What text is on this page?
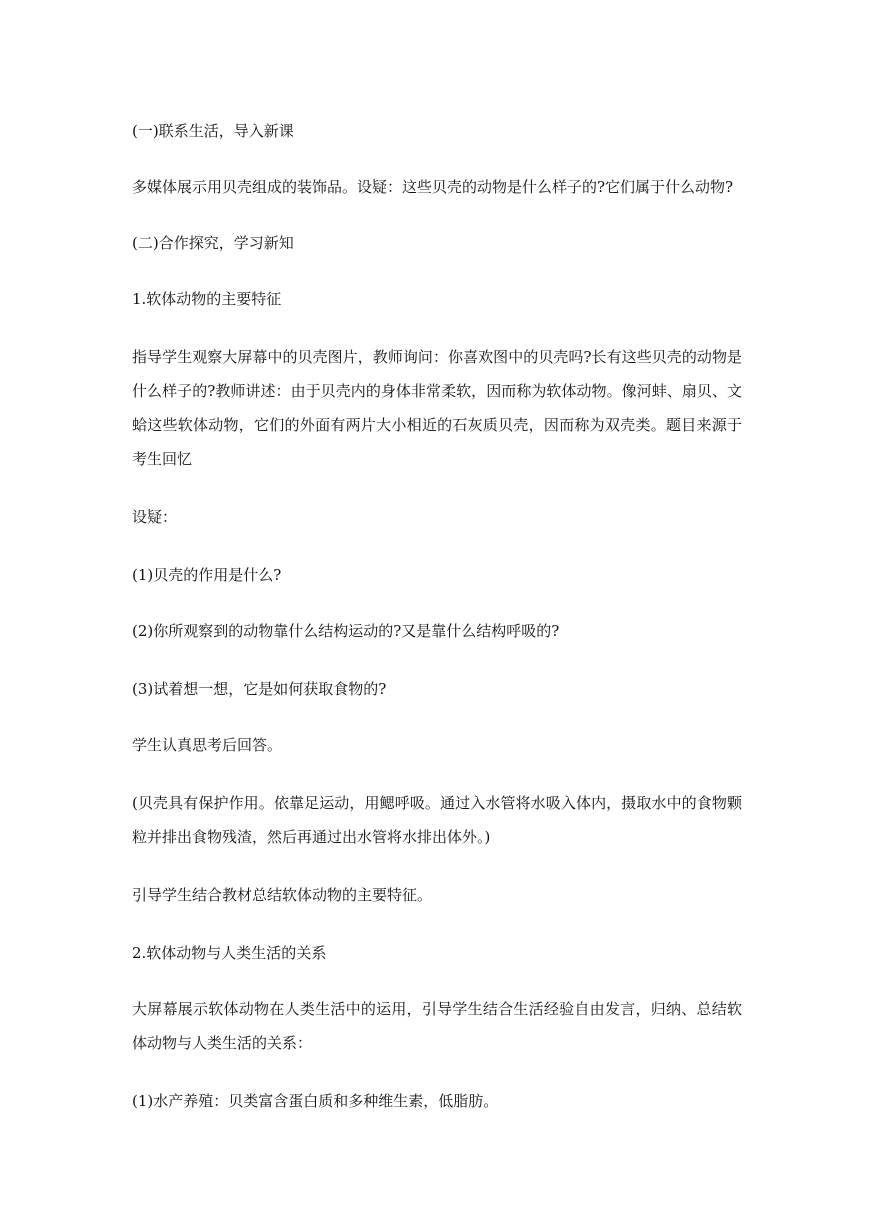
(一)联系生活，导入新课

多媒体展示用贝壳组成的装饰品。设疑：这些贝壳的动物是什么样子的?它们属于什么动物?

(二)合作探究，学习新知

1.软体动物的主要特征

指导学生观察大屏幕中的贝壳图片，教师询问：你喜欢图中的贝壳吗?长有这些贝壳的动物是什么样子的?教师讲述：由于贝壳内的身体非常柔软，因而称为软体动物。像河蚌、扇贝、文蛤这些软体动物，它们的外面有两片大小相近的石灰质贝壳，因而称为双壳类。题目来源于考生回忆

设疑：

(1)贝壳的作用是什么?

(2)你所观察到的动物靠什么结构运动的?又是靠什么结构呼吸的?

(3)试着想一想，它是如何获取食物的?

学生认真思考后回答。

(贝壳具有保护作用。依靠足运动，用鳃呼吸。通过入水管将水吸入体内，摄取水中的食物颗粒并排出食物残渣，然后再通过出水管将水排出体外。)

引导学生结合教材总结软体动物的主要特征。

2.软体动物与人类生活的关系

大屏幕展示软体动物在人类生活中的运用，引导学生结合生活经验自由发言，归纳、总结软体动物与人类生活的关系：

(1)水产养殖：贝类富含蛋白质和多种维生素，低脂肪。
